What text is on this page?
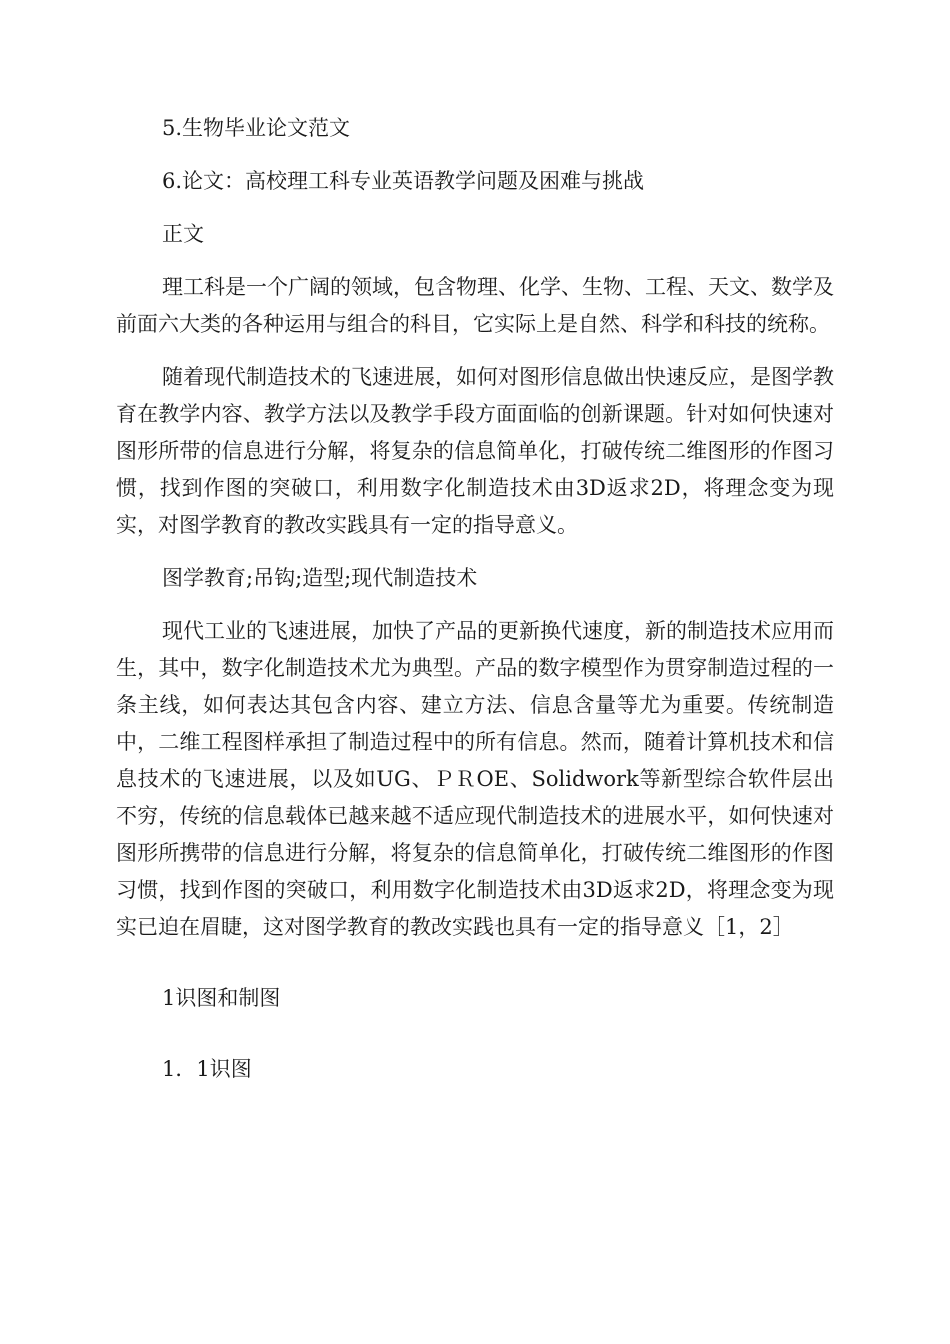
5.生物毕业论文范文
6.论文：高校理工科专业英语教学问题及困难与挑战
正文

理工科是一个广阔的领域，包含物理、化学、生物、工程、天文、数学及前面六大类的各种运用与组合的科目，它实际上是自然、科学和科技的统称。

随着现代制造技术的飞速进展，如何对图形信息做出快速反应，是图学教育在教学内容、教学方法以及教学手段方面面临的创新课题。针对如何快速对图形所带的信息进行分解，将复杂的信息简单化，打破传统二维图形的作图习惯，找到作图的突破口，利用数字化制造技术由3D返求2D，将理念变为现实，对图学教育的教改实践具有一定的指导意义。

图学教育;吊钩;造型;现代制造技术

现代工业的飞速进展，加快了产品的更新换代速度，新的制造技术应用而生，其中，数字化制造技术尤为典型。产品的数字模型作为贯穿制造过程的一条主线，如何表达其包含内容、建立方法、信息含量等尤为重要。传统制造中，二维工程图样承担了制造过程中的所有信息。然而，随着计算机技术和信息技术的飞速进展，以及如UG、ＰＲOE、Solidwork等新型综合软件层出不穷，传统的信息载体已越来越不适应现代制造技术的进展水平，如何快速对图形所携带的信息进行分解，将复杂的信息简单化，打破传统二维图形的作图习惯，找到作图的突破口，利用数字化制造技术由3D返求2D，将理念变为现实已迫在眉睫，这对图学教育的教改实践也具有一定的指导意义［1，2］

1识图和制图
1．1识图
